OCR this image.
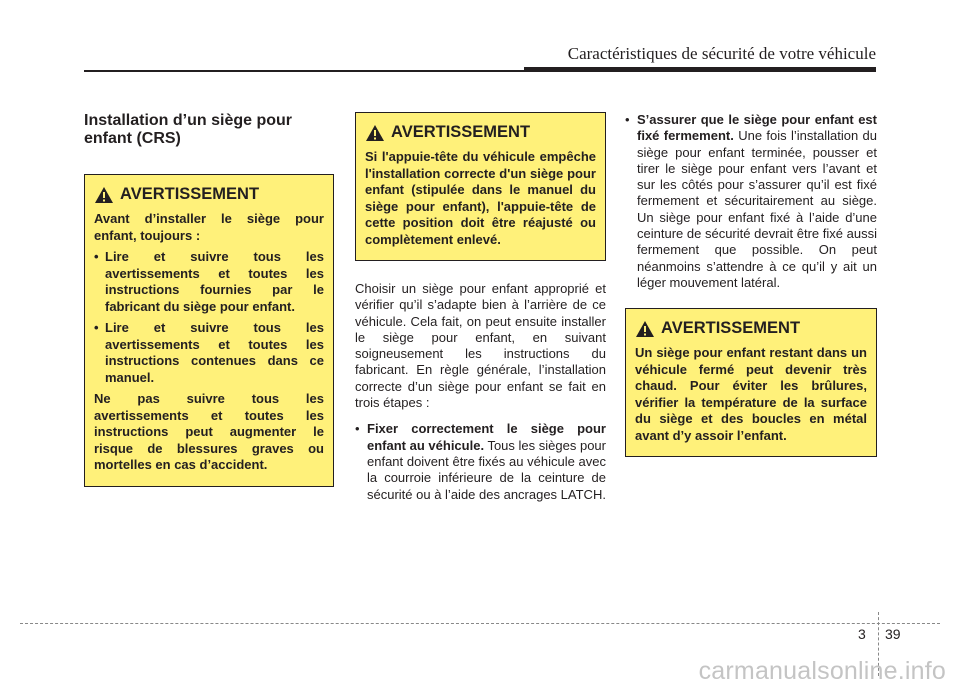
Caractéristiques de sécurité de votre véhicule
Installation d’un siège pour enfant (CRS)
AVERTISSEMENT

Avant d’installer le siège pour enfant, toujours :

• Lire et suivre tous les avertissements et toutes les instructions fournies par le fabricant du siège pour enfant.
• Lire et suivre tous les avertissements et toutes les instructions contenues dans ce manuel.

Ne pas suivre tous les avertissements et toutes les instructions peut augmenter le risque de blessures graves ou mortelles en cas d’accident.

AVERTISSEMENT
Si l'appuie-tête du véhicule empêche l'installation correcte d'un siège pour enfant (stipulée dans le manuel du siège pour enfant), l'appuie-tête de cette position doit être réajusté ou complètement enlevé.

Choisir un siège pour enfant approprié et vérifier qu’il s’adapte bien à l’arrière de ce véhicule. Cela fait, on peut ensuite installer le siège pour enfant, en suivant soigneusement les instructions du fabricant. En règle générale, l’installation correcte d’un siège pour enfant se fait en trois étapes :

• Fixer correctement le siège pour enfant au véhicule. Tous les sièges pour enfant doivent être fixés au véhicule avec la courroie inférieure de la ceinture de sécurité ou à l’aide des ancrages LATCH.
• S’assurer que le siège pour enfant est fixé fermement. Une fois l’installation du siège pour enfant terminée, pousser et tirer le siège pour enfant vers l’avant et sur les côtés pour s’assurer qu’il est fixé fermement et sécuritairement au siège. Un siège pour enfant fixé à l’aide d’une ceinture de sécurité devrait être fixé aussi fermement que possible. On peut néanmoins s’attendre à ce qu’il y ait un léger mouvement latéral.
AVERTISSEMENT
Un siège pour enfant restant dans un véhicule fermé peut devenir très chaud. Pour éviter les brûlures, vérifier la température de la surface du siège et des boucles en métal avant d’y assoir l’enfant.
3 39
carmanualsonline.info
